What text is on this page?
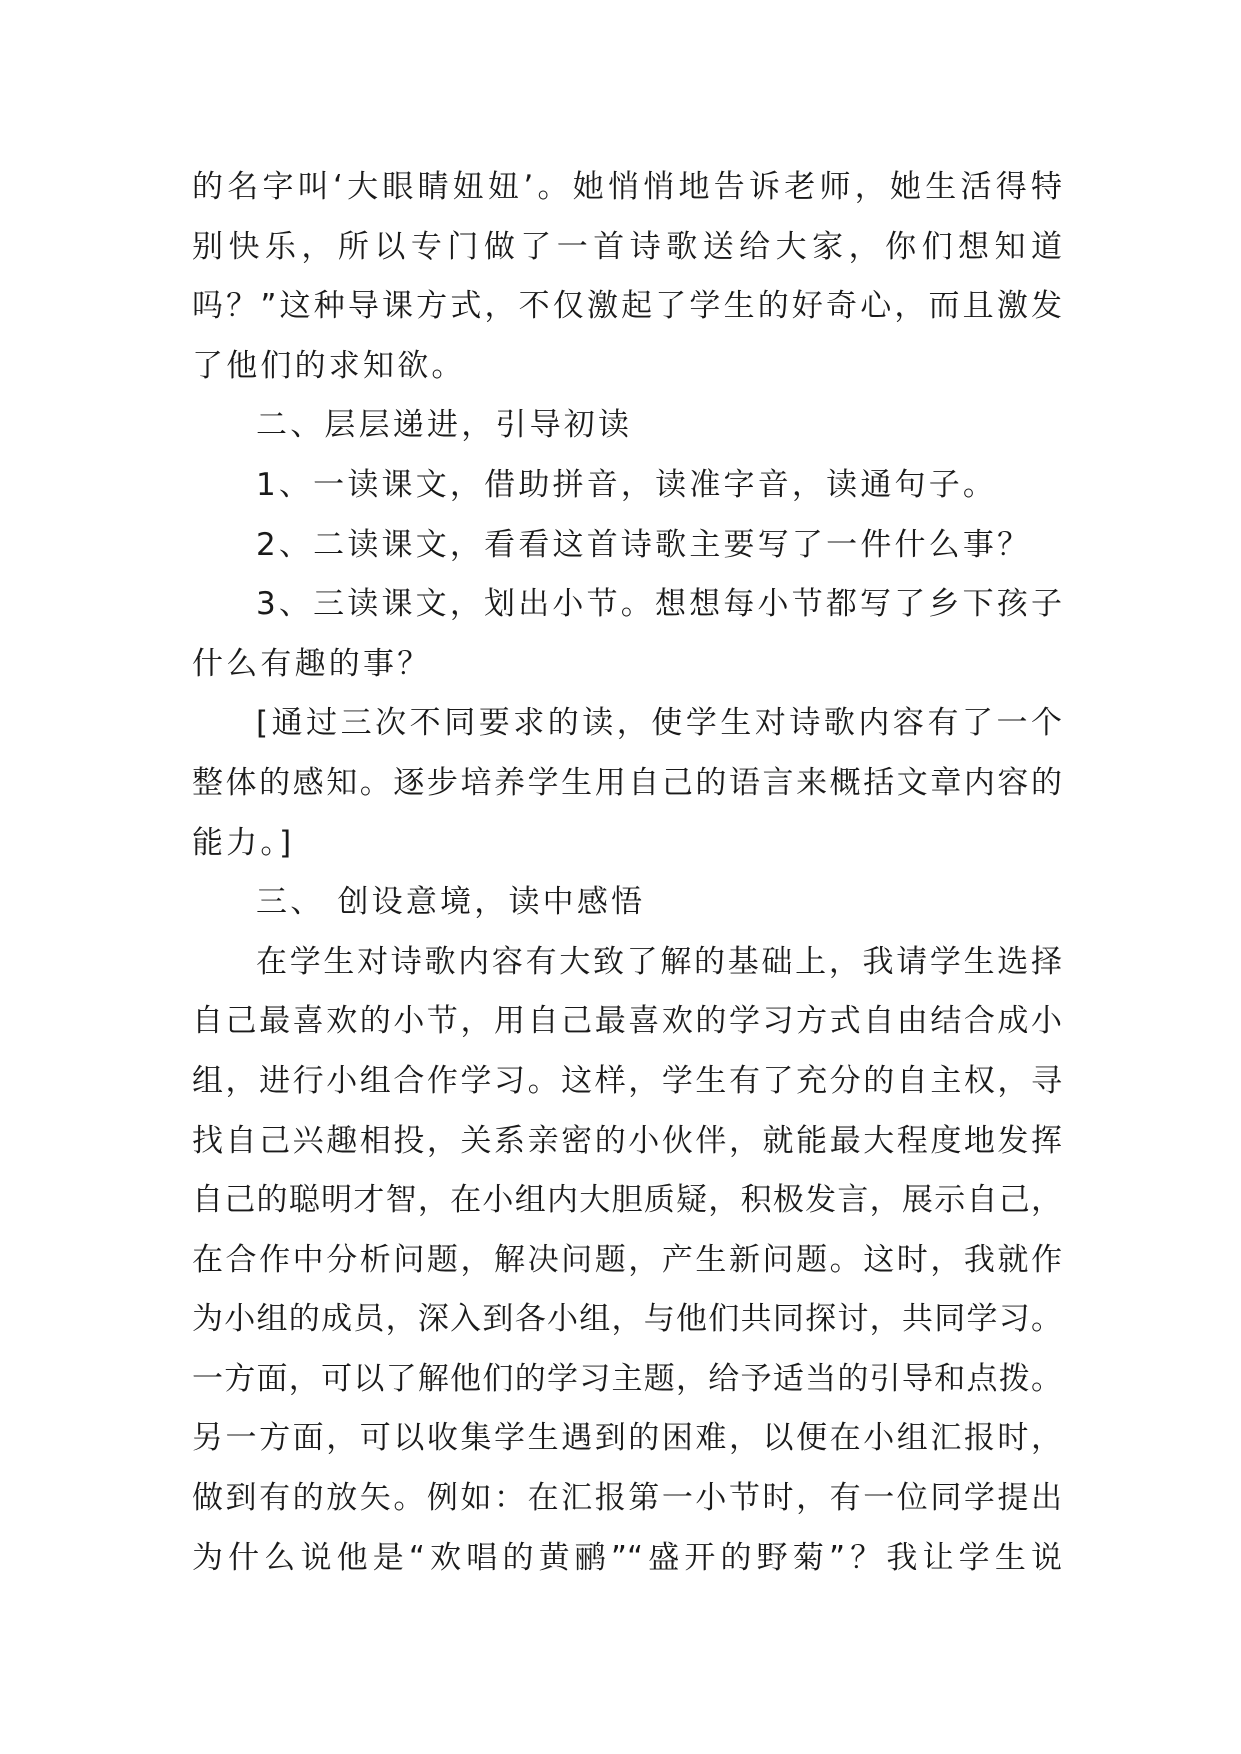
的名字叫‘大眼睛妞妞’。她悄悄地告诉老师，她生活得特

别快乐，所以专门做了一首诗歌送给大家，你们想知道

吗？”这种导课方式，不仅激起了学生的好奇心，而且激发

了他们的求知欲。

二、层层递进，引导初读

1、一读课文，借助拼音，读准字音，读通句子。

2、二读课文，看看这首诗歌主要写了一件什么事？

3、三读课文，划出小节。想想每小节都写了乡下孩子

什么有趣的事？

[通过三次不同要求的读，使学生对诗歌内容有了一个

整体的感知。逐步培养学生用自己的语言来概括文章内容的

能力。]

三、 创设意境，读中感悟

在学生对诗歌内容有大致了解的基础上，我请学生选择

自己最喜欢的小节，用自己最喜欢的学习方式自由结合成小

组，进行小组合作学习。这样，学生有了充分的自主权，寻

找自己兴趣相投，关系亲密的小伙伴，就能最大程度地发挥

自己的聪明才智，在小组内大胆质疑，积极发言，展示自己，

在合作中分析问题，解决问题，产生新问题。这时，我就作

为小组的成员，深入到各小组，与他们共同探讨，共同学习。

一方面，可以了解他们的学习主题，给予适当的引导和点拨。

另一方面，可以收集学生遇到的困难，以便在小组汇报时，

做到有的放矢。例如：在汇报第一小节时，有一位同学提出

为什么说他是“欢唱的黄鹂”“盛开的野菊”？我让学生说
